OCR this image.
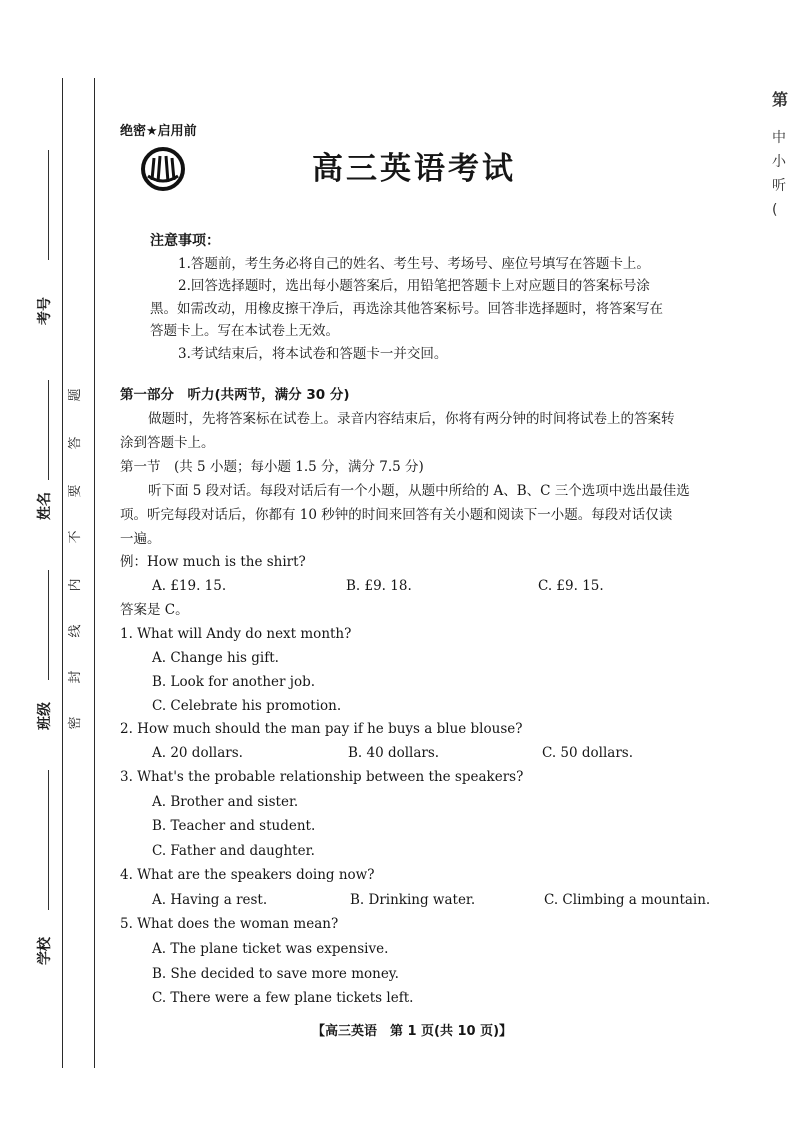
题
答
要
不
内
线
封
密
考号
姓名
班级
学校
第
中
小
听
(
绝密★启用前
高三英语考试
注意事项：
1.答题前，考生务必将自己的姓名、考生号、考场号、座位号填写在答题卡上。
2.回答选择题时，选出每小题答案后，用铅笔把答题卡上对应题目的答案标号涂
黑。如需改动，用橡皮擦干净后，再选涂其他答案标号。回答非选择题时，将答案写在
答题卡上。写在本试卷上无效。
3.考试结束后，将本试卷和答题卡一并交回。
第一部分　听力(共两节，满分 30 分)
做题时，先将答案标在试卷上。录音内容结束后，你将有两分钟的时间将试卷上的答案转
涂到答题卡上。
第一节　(共 5 小题；每小题 1.5 分，满分 7.5 分)
听下面 5 段对话。每段对话后有一个小题，从题中所给的 A、B、C 三个选项中选出最佳选
项。听完每段对话后，你都有 10 秒钟的时间来回答有关小题和阅读下一小题。每段对话仅读
一遍。
例：How much is the shirt?
A. £19. 15.	B. £9. 18.	C. £9. 15.
答案是 C。
1. What will Andy do next month?
A. Change his gift.
B. Look for another job.
C. Celebrate his promotion.
2. How much should the man pay if he buys a blue blouse?
A. 20 dollars.	B. 40 dollars.	C. 50 dollars.
3. What's the probable relationship between the speakers?
A. Brother and sister.
B. Teacher and student.
C. Father and daughter.
4. What are the speakers doing now?
A. Having a rest.	B. Drinking water.	C. Climbing a mountain.
5. What does the woman mean?
A. The plane ticket was expensive.
B. She decided to save more money.
C. There were a few plane tickets left.
【高三英语　第 1 页(共 10 页)】
